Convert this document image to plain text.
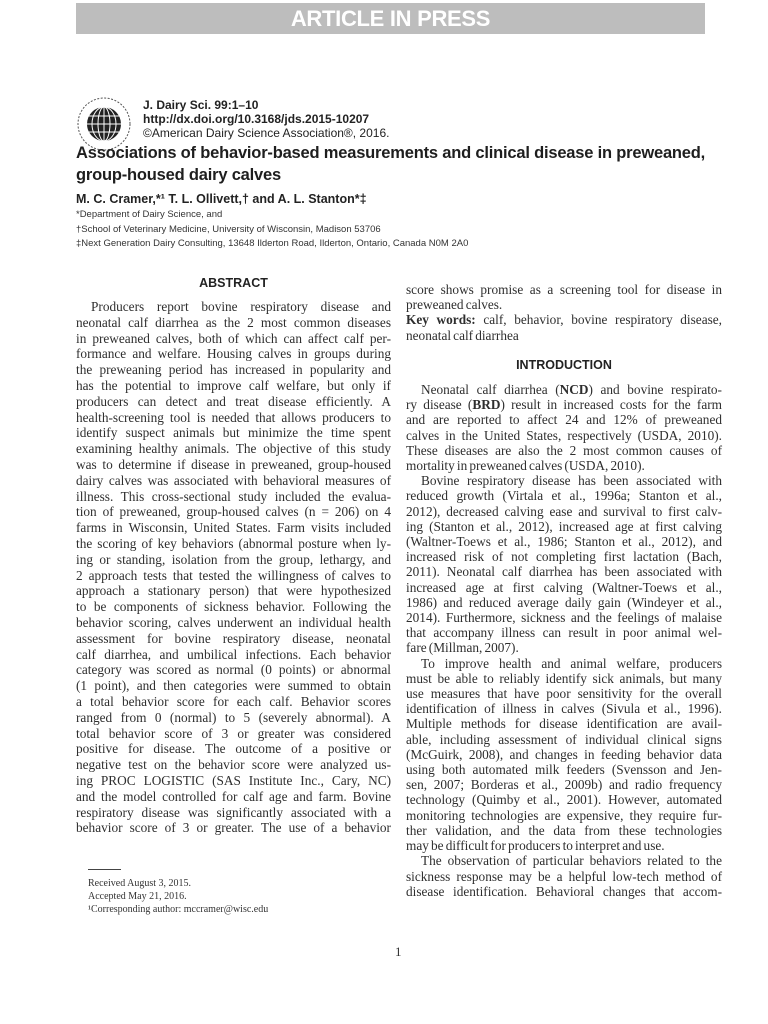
ARTICLE IN PRESS
J. Dairy Sci. 99:1–10
http://dx.doi.org/10.3168/jds.2015-10207
©American Dairy Science Association®, 2016.
Associations of behavior-based measurements and clinical disease in preweaned, group-housed dairy calves
M. C. Cramer,*¹ T. L. Ollivett,† and A. L. Stanton*‡
*Department of Dairy Science, and
†School of Veterinary Medicine, University of Wisconsin, Madison 53706
‡Next Generation Dairy Consulting, 13648 Ilderton Road, Ilderton, Ontario, Canada N0M 2A0
ABSTRACT
Producers report bovine respiratory disease and
neonatal calf diarrhea as the 2 most common diseases
in preweaned calves, both of which can affect calf per-
formance and welfare. Housing calves in groups during
the preweaning period has increased in popularity and
has the potential to improve calf welfare, but only if
producers can detect and treat disease efficiently. A
health-screening tool is needed that allows producers to
identify suspect animals but minimize the time spent
examining healthy animals. The objective of this study
was to determine if disease in preweaned, group-housed
dairy calves was associated with behavioral measures of
illness. This cross-sectional study included the evalua-
tion of preweaned, group-housed calves (n = 206) on 4
farms in Wisconsin, United States. Farm visits included
the scoring of key behaviors (abnormal posture when ly-
ing or standing, isolation from the group, lethargy, and
2 approach tests that tested the willingness of calves to
approach a stationary person) that were hypothesized
to be components of sickness behavior. Following the
behavior scoring, calves underwent an individual health
assessment for bovine respiratory disease, neonatal
calf diarrhea, and umbilical infections. Each behavior
category was scored as normal (0 points) or abnormal
(1 point), and then categories were summed to obtain
a total behavior score for each calf. Behavior scores
ranged from 0 (normal) to 5 (severely abnormal). A
total behavior score of 3 or greater was considered
positive for disease. The outcome of a positive or
negative test on the behavior score were analyzed us-
ing PROC LOGISTIC (SAS Institute Inc., Cary, NC)
and the model controlled for calf age and farm. Bovine
respiratory disease was significantly associated with a
behavior score of 3 or greater. The use of a behavior
score shows promise as a screening tool for disease in
preweaned calves.
Key words: calf, behavior, bovine respiratory disease,
neonatal calf diarrhea
INTRODUCTION
Neonatal calf diarrhea (NCD) and bovine respirato-
ry disease (BRD) result in increased costs for the farm
and are reported to affect 24 and 12% of preweaned
calves in the United States, respectively (USDA, 2010).
These diseases are also the 2 most common causes of
mortality in preweaned calves (USDA, 2010).
Bovine respiratory disease has been associated with
reduced growth (Virtala et al., 1996a; Stanton et al.,
2012), decreased calving ease and survival to first calv-
ing (Stanton et al., 2012), increased age at first calving
(Waltner-Toews et al., 1986; Stanton et al., 2012), and
increased risk of not completing first lactation (Bach,
2011). Neonatal calf diarrhea has been associated with
increased age at first calving (Waltner-Toews et al.,
1986) and reduced average daily gain (Windeyer et al.,
2014). Furthermore, sickness and the feelings of malaise
that accompany illness can result in poor animal wel-
fare (Millman, 2007).
To improve health and animal welfare, producers
must be able to reliably identify sick animals, but many
use measures that have poor sensitivity for the overall
identification of illness in calves (Sivula et al., 1996).
Multiple methods for disease identification are avail-
able, including assessment of individual clinical signs
(McGuirk, 2008), and changes in feeding behavior data
using both automated milk feeders (Svensson and Jen-
sen, 2007; Borderas et al., 2009b) and radio frequency
technology (Quimby et al., 2001). However, automated
monitoring technologies are expensive, they require fur-
ther validation, and the data from these technologies
may be difficult for producers to interpret and use.
The observation of particular behaviors related to the
sickness response may be a helpful low-tech method of
disease identification. Behavioral changes that accom-
Received August 3, 2015.
Accepted May 21, 2016.
¹Corresponding author: mccramer@wisc.edu
1
